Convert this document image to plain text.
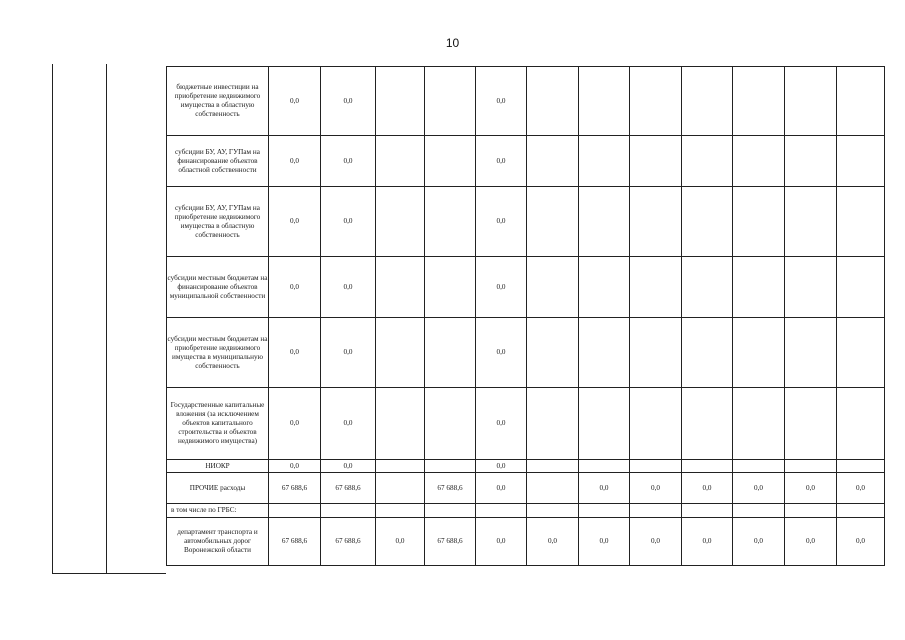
10
бюджетные инвестиции на приобретение недвижимого имущества в областную собственность	0,0	0,0			0,0							
субсидии БУ, АУ, ГУПам на финансирование объектов областной собственности	0,0	0,0			0,0							
субсидии БУ, АУ, ГУПам на приобретение недвижимого имущества в областную собственность	0,0	0,0			0,0							
субсидии местным бюджетам на финансирование объектов муниципальной собственности	0,0	0,0			0,0							
субсидии местным бюджетам на приобретение недвижимого имущества в муниципальную собственность	0,0	0,0			0,0							
Государственные капитальные вложения (за исключением объектов капитального строительства и объектов недвижимого имущества)	0,0	0,0			0,0							
НИОКР	0,0	0,0			0,0							
ПРОЧИЕ расходы	67 688,6	67 688,6		67 688,6	0,0		0,0	0,0	0,0	0,0	0,0	0,0
в том числе по ГРБС:												
департамент транспорта и автомобильных дорог Воронежской области	67 688,6	67 688,6	0,0	67 688,6	0,0	0,0	0,0	0,0	0,0	0,0	0,0	0,0
